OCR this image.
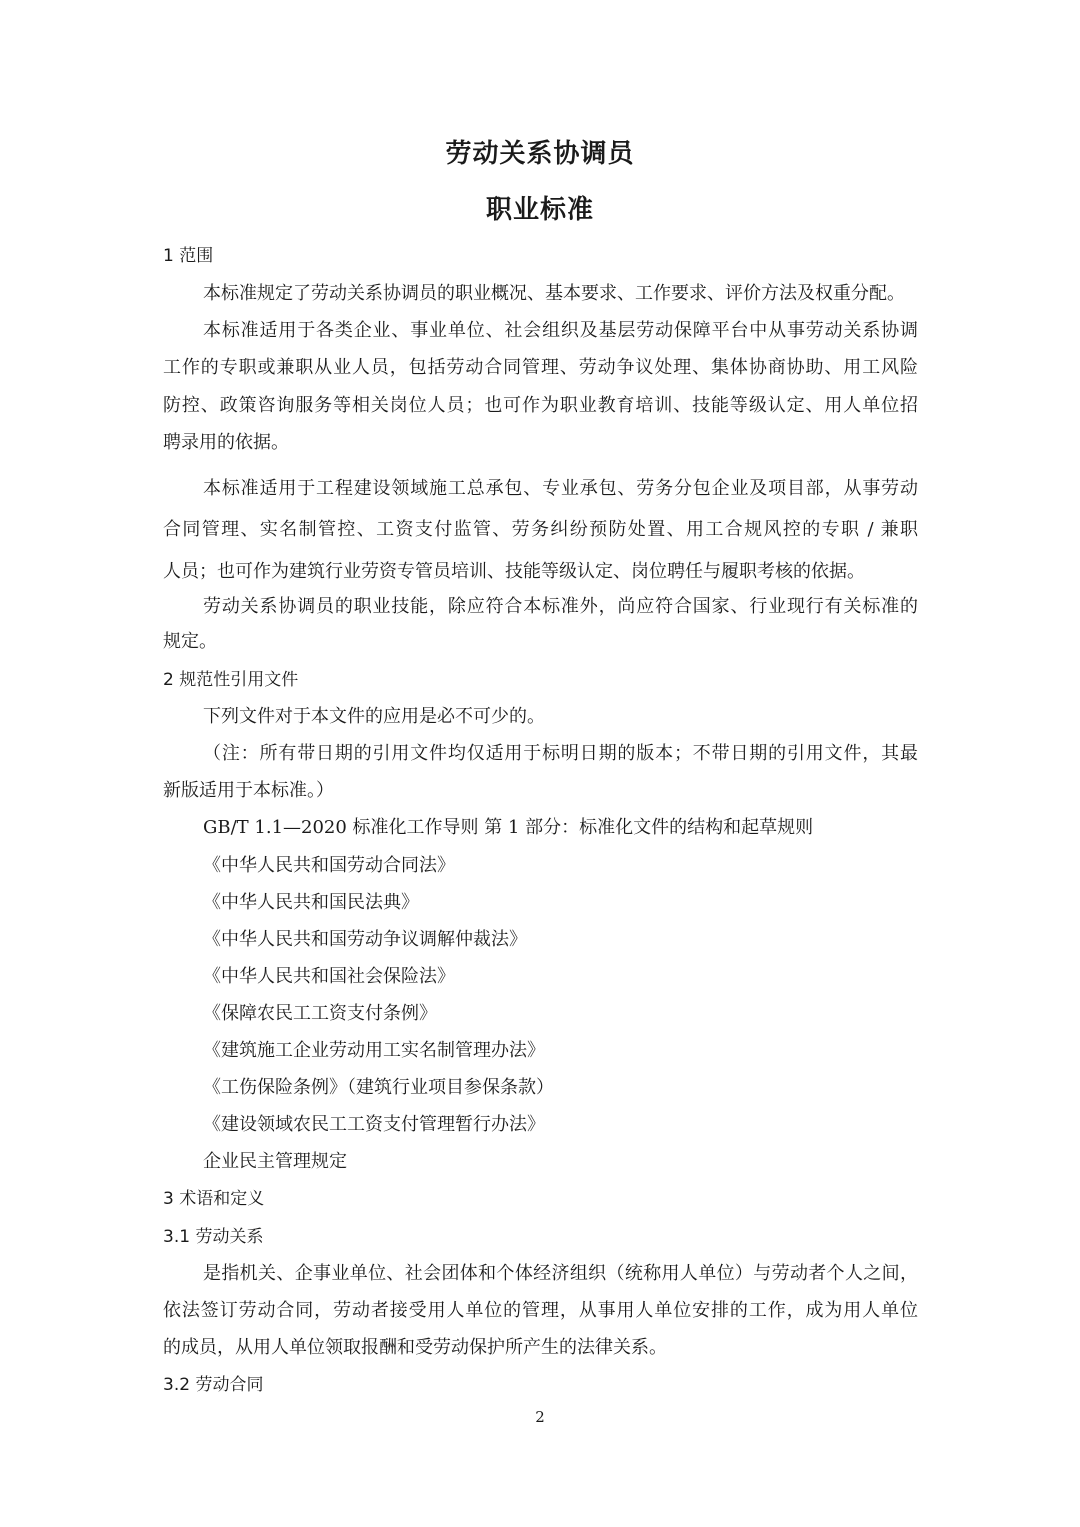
劳动关系协调员
职业标准
1 范围
本标准规定了劳动关系协调员的职业概况、基本要求、工作要求、评价方法及权重分配。
本标准适用于各类企业、事业单位、社会组织及基层劳动保障平台中从事劳动关系协调
工作的专职或兼职从业人员，包括劳动合同管理、劳动争议处理、集体协商协助、用工风险
防控、政策咨询服务等相关岗位人员；也可作为职业教育培训、技能等级认定、用人单位招
聘录用的依据。
本标准适用于工程建设领域施工总承包、专业承包、劳务分包企业及项目部，从事劳动
合同管理、实名制管控、工资支付监管、劳务纠纷预防处置、用工合规风控的专职 / 兼职
人员；也可作为建筑行业劳资专管员培训、技能等级认定、岗位聘任与履职考核的依据。
劳动关系协调员的职业技能，除应符合本标准外，尚应符合国家、行业现行有关标准的
规定。
2 规范性引用文件
下列文件对于本文件的应用是必不可少的。
（注：所有带日期的引用文件均仅适用于标明日期的版本；不带日期的引用文件，其最
新版适用于本标准。）
GB/T 1.1—2020 标准化工作导则 第 1 部分：标准化文件的结构和起草规则
《中华人民共和国劳动合同法》
《中华人民共和国民法典》
《中华人民共和国劳动争议调解仲裁法》
《中华人民共和国社会保险法》
《保障农民工工资支付条例》
《建筑施工企业劳动用工实名制管理办法》
《工伤保险条例》（建筑行业项目参保条款）
《建设领域农民工工资支付管理暂行办法》
企业民主管理规定
3 术语和定义
3.1 劳动关系
是指机关、企事业单位、社会团体和个体经济组织（统称用人单位）与劳动者个人之间，
依法签订劳动合同，劳动者接受用人单位的管理，从事用人单位安排的工作，成为用人单位
的成员，从用人单位领取报酬和受劳动保护所产生的法律关系。
3.2 劳动合同
2
